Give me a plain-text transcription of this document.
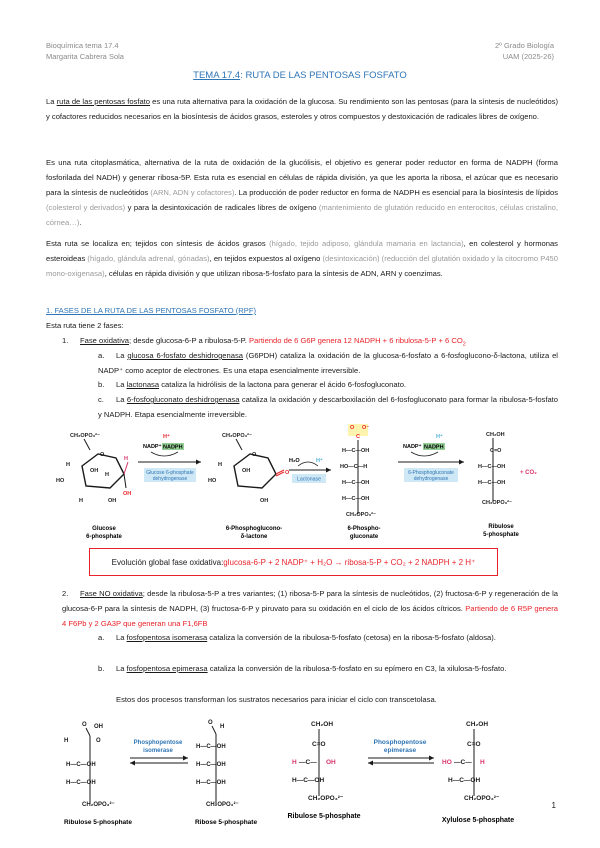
Bioquímica tema 17.4
Margarita Cabrera Sola
2º Grado Biología
UAM (2025-26)
TEMA 17.4: RUTA DE LAS PENTOSAS FOSFATO

La ruta de las pentosas fosfato es una ruta alternativa para la oxidación de la glucosa. Su rendimiento son las pentosas (para la síntesis de nucleótidos) y cofactores reducidos necesarios en la biosíntesis de ácidos grasos, esteroles y otros compuestos y destoxicación de radicales libres de oxígeno.

Es una ruta citoplasmática, alternativa de la ruta de oxidación de la glucólisis, el objetivo es generar poder reductor en forma de NADPH (forma fosforilada del NADH) y generar ribosa-5P. Esta ruta es esencial en células de rápida división, ya que les aporta la ribosa, el azúcar que es necesario para la síntesis de nucleótidos (ARN, ADN y cofactores). La producción de poder reductor en forma de NADPH es esencial para la biosíntesis de lípidos (colesterol y derivados) y para la desintoxicación de radicales libres de oxígeno (mantenimiento de glutatión reducido en enterocitos, células cristalino, córnea…).

Esta ruta se localiza en; tejidos con síntesis de ácidos grasos (hígado, tejido adiposo, glándula mamaria en lactancia), en colesterol y hormonas esteroideas (hígado, glándula adrenal, gónadas), en tejidos expuestos al oxígeno (desintoxicación) (reducción del glutatión oxidado y la citocromo P450 mono-oxigenasa), células en rápida división y que utilizan ribosa-5-fosfato para la síntesis de ADN, ARN y coenzimas.

1. FASES DE LA RUTA DE LAS PENTOSAS FOSFATO (RPF)
Esta ruta tiene 2 fases:

1. Fase oxidativa; desde glucosa-6-P a ribulosa-5-P. Partiendo de 6 G6P genera 12 NADPH + 6 ribulosa-5-P + 6 $CO_2$

a. La glucosa 6-fosfato deshidrogenasa (G6PDH) cataliza la oxidación de la glucosa-6-fosfato a 6-fosfoglucono-δ-lactona, utiliza el NADP⁺ como aceptor de electrones. Es una etapa esencialmente irreversible.

b. La lactonasa cataliza la hidrólisis de la lactona para generar el ácido 6-fosfogluconato.

c. La 6-fosfogluconato deshidrogenasa cataliza la oxidación y descarboxilación del 6-fosfogluconato para formar la ribulosa-5-fosfato y NADPH. Etapa esencialmente irreversible.

CH₂OPO₃²⁻
O
H
OH
H
HO
H
OH
OH
H
Glucose
6-phosphate
H⁺
NADP⁺ NADPH
Glucose 6-phosphate
dehydrogenase
CH₂OPO₃²⁻
O
O
H
HO
OH
OH
6-Phosphoglucono-
δ-lactone
H₂O	H⁺
Lactonase
O O⁻
C
H—C—OH
HO—C—H
H—C—OH
H—C—OH
CH₂OPO₃²⁻
6-Phospho-
gluconate
NADP⁺ NADPH
H⁺
6-Phosphogluconate
dehydrogenase
CH₂OH
C=O
H—C—OH
H—C—OH
CH₂OPO₃²⁻
+ CO₂
Ribulose
5-phosphate
Evolución global fase oxidativa: glucosa-6-P + 2 NADP⁺ + H₂O → ribosa-5-P + CO₂ + 2 NADPH + 2 H⁺

2. Fase NO oxidativa; desde la ribulosa-5-P a tres variantes; (1) ribosa-5-P para la síntesis de nucleótidos, (2) fructosa-6-P y regeneración de la glucosa-6-P para la síntesis de NADPH, (3) fructosa-6-P y piruvato para su oxidación en el ciclo de los ácidos cítricos. Partiendo de 6 R5P genera 4 F6Pb y 2 GA3P que generan una F1,6FB

a. La fosfopentosa isomerasa cataliza la conversión de la ribulosa-5-fosfato (cetosa) en la ribosa-5-fosfato (aldosa).

b. La fosfopentosa epimerasa cataliza la conversión de la ribulosa-5-fosfato en su epímero en C3, la xilulosa-5-fosfato.

Estos dos procesos transforman los sustratos necesarios para iniciar el ciclo con transcetolasa.

O OH
H	O
H—C—OH
H—C—OH
CH₂OPO₃²⁻
Ribulose 5-phosphate
Phosphopentose
isomerase
O
H
H—C—OH
H—C—OH
H—C—OH
CH₂OPO₃²⁻
Ribose 5-phosphate
CH₂OH
C=O
H —C— OH
H—C—OH
CH₂OPO₃²⁻
Ribulose 5-phosphate
Phosphopentose
epimerase
CH₂OH
C=O
HO —C— H
H—C—OH
CH₂OPO₃²⁻
Xylulose 5-phosphate
1
